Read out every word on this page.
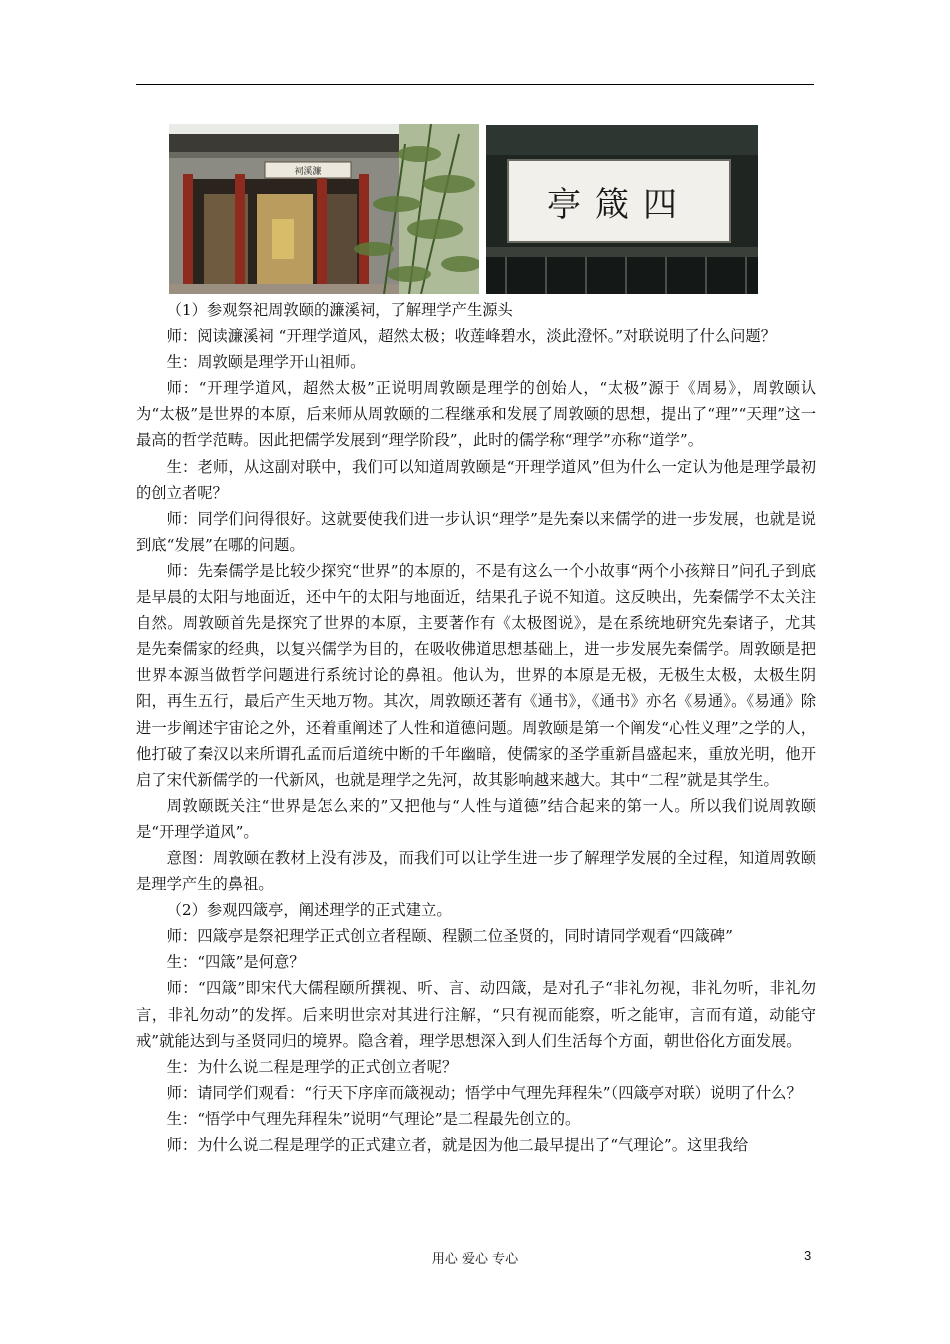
祠溪濂
亭箴四

（1）参观祭祀周敦颐的濂溪祠，了解理学产生源头

师：阅读濂溪祠 “开理学道风，超然太极；收莲峰碧水，淡此澄怀。”对联说明了什么问题？

生：周敦颐是理学开山祖师。

师：“开理学道风，超然太极”正说明周敦颐是理学的创始人，“太极”源于《周易》，周敦颐认为“太极”是世界的本原，后来师从周敦颐的二程继承和发展了周敦颐的思想，提出了“理”“天理”这一最高的哲学范畴。因此把儒学发展到“理学阶段”，此时的儒学称“理学”亦称“道学”。

生：老师，从这副对联中，我们可以知道周敦颐是“开理学道风”但为什么一定认为他是理学最初的创立者呢？

师：同学们问得很好。这就要使我们进一步认识“理学”是先秦以来儒学的进一步发展，也就是说到底“发展”在哪的问题。

师：先秦儒学是比较少探究“世界”的本原的，不是有这么一个小故事“两个小孩辩日”问孔子到底是早晨的太阳与地面近，还中午的太阳与地面近，结果孔子说不知道。这反映出，先秦儒学不太关注自然。周敦颐首先是探究了世界的本原，主要著作有《太极图说》，是在系统地研究先秦诸子，尤其是先秦儒家的经典，以复兴儒学为目的，在吸收佛道思想基础上，进一步发展先秦儒学。周敦颐是把世界本源当做哲学问题进行系统讨论的鼻祖。他认为，世界的本原是无极，无极生太极，太极生阴阳，再生五行，最后产生天地万物。其次，周敦颐还著有《通书》，《通书》亦名《易通》。《易通》除进一步阐述宇宙论之外，还着重阐述了人性和道德问题。周敦颐是第一个阐发“心性义理”之学的人，他打破了秦汉以来所谓孔孟而后道统中断的千年幽暗，使儒家的圣学重新昌盛起来，重放光明，他开启了宋代新儒学的一代新风，也就是理学之先河，故其影响越来越大。其中“二程”就是其学生。

周敦颐既关注“世界是怎么来的”又把他与“人性与道德”结合起来的第一人。所以我们说周敦颐是“开理学道风”。

意图：周敦颐在教材上没有涉及，而我们可以让学生进一步了解理学发展的全过程，知道周敦颐是理学产生的鼻祖。

（2）参观四箴亭，阐述理学的正式建立。

师：四箴亭是祭祀理学正式创立者程颐、程颢二位圣贤的，同时请同学观看“四箴碑”

生：“四箴”是何意？

师：“四箴”即宋代大儒程颐所撰视、听、言、动四箴，是对孔子“非礼勿视，非礼勿听，非礼勿言，非礼勿动”的发挥。后来明世宗对其进行注解，“只有视而能察，听之能审，言而有道，动能守戒”就能达到与圣贤同归的境界。隐含着，理学思想深入到人们生活每个方面，朝世俗化方面发展。

生：为什么说二程是理学的正式创立者呢？

师：请同学们观看：“行天下序庠而箴视动；悟学中气理先拜程朱”（四箴亭对联）说明了什么？

生：“悟学中气理先拜程朱”说明“气理论”是二程最先创立的。

师：为什么说二程是理学的正式建立者，就是因为他二最早提出了“气理论”。这里我给

用心 爱心 专心	3
